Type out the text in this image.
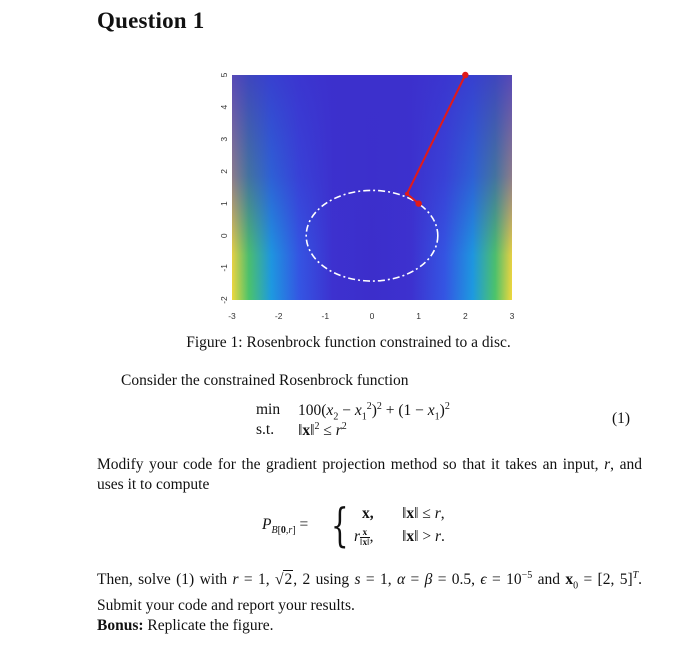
Question 1
-3	-2	-1	0	1	2	3
5
4
3
2
1
0
-1
-2
Figure 1: Rosenbrock function constrained to a disc.
Consider the constrained Rosenbrock function
$\min 100(x_2 - x_1^2)^2 + (1 - x_1)^2$
s.t. ‖x‖$^2$ ≤ $r^2$	(1)
Modify your code for the gradient projection method so that it takes an input, r, and uses it to compute
$P_{B[0,r]}$ = { x, ‖x‖ ≤ r,
r $\frac{x}{‖x‖}$ , ‖x‖ > r.
Then, solve (1) with r = 1, √2, 2 using s = 1, α = β = 0.5, $\epsilon = 10^{-5}$ and $x_0 = [2$, 5]$^T$. Submit your code and report your results.
Bonus: Replicate the figure.
